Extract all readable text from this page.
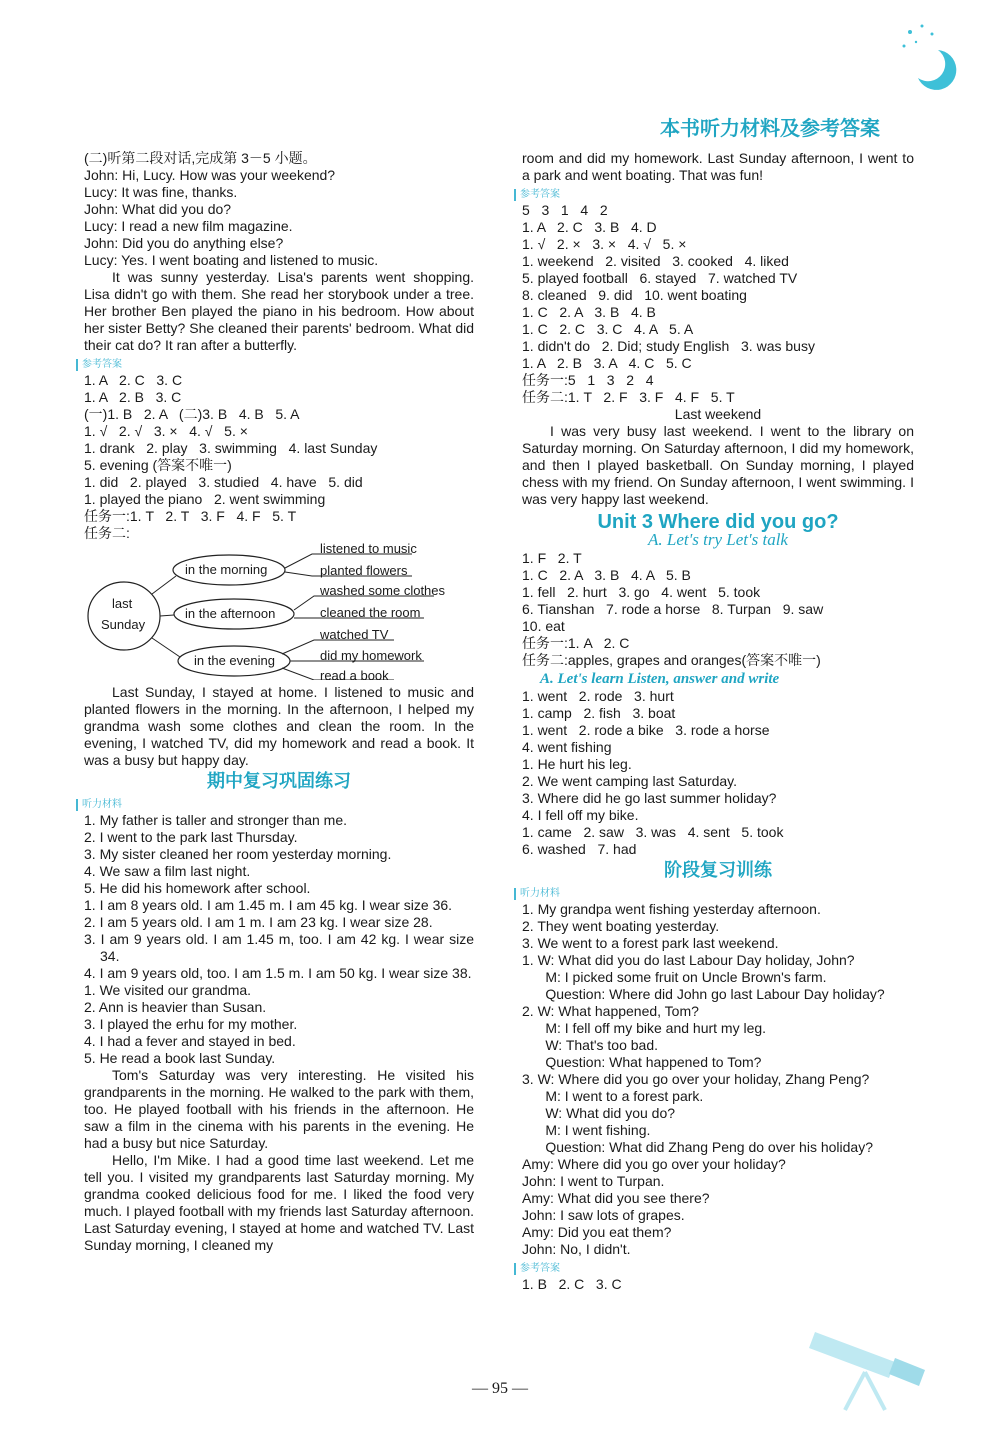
本书听力材料及参考答案
(二)听第二段对话,完成第 3－5 小题。
John: Hi, Lucy. How was your weekend?
Lucy: It was fine, thanks.
John: What did you do?
Lucy: I read a new film magazine.
John: Did you do anything else?
Lucy: Yes. I went boating and listened to music.

It was sunny yesterday. Lisa's parents went shopping. Lisa didn't go with them. She read her storybook under a tree. Her brother Ben played the piano in his bedroom. How about her sister Betty? She cleaned their parents' bedroom. What did their cat do? It ran after a butterfly.

参考答案
1. A   2. C   3. C
1. A   2. B   3. C
(一)1. B   2. A   (二)3. B   4. B   5. A
1. √   2. √   3. ×   4. √   5. ×
1. drank   2. play   3. swimming   4. last Sunday
5. evening (答案不唯一)
1. did   2. played   3. studied   4. have   5. did
1. played the piano   2. went swimming
任务一:1. T   2. T   3. F   4. F   5. T
任务二:
last
Sunday
in the morning
in the afternoon
in the evening
listened to music
planted flowers
washed some clothes
cleaned the room
watched TV
did my homework
read a book

Last Sunday, I stayed at home. I listened to music and planted flowers in the morning. In the afternoon, I helped my grandma wash some clothes and clean the room. In the evening, I watched TV, did my homework and read a book. It was a busy but happy day.

期中复习巩固练习
听力材料
1. My father is taller and stronger than me.
2. I went to the park last Thursday.
3. My sister cleaned her room yesterday morning.
4. We saw a film last night.
5. He did his homework after school.
1. I am 8 years old. I am 1.45 m. I am 45 kg. I wear size 36.
2. I am 5 years old. I am 1 m. I am 23 kg. I wear size 28.
3. I am 9 years old. I am 1.45 m, too. I am 42 kg. I wear size 34.
4. I am 9 years old, too. I am 1.5 m. I am 50 kg. I wear size 38.
1. We visited our grandma.
2. Ann is heavier than Susan.
3. I played the erhu for my mother.
4. I had a fever and stayed in bed.
5. He read a book last Sunday.

Tom's Saturday was very interesting. He visited his grandparents in the morning. He walked to the park with them, too. He played football with his friends in the afternoon. He saw a film in the cinema with his parents in the evening. He had a busy but nice Saturday.

Hello, I'm Mike. I had a good time last weekend. Let me tell you. I visited my grandparents last Saturday morning. My grandma cooked delicious food for me. I liked the food very much. I played football with my friends last Saturday afternoon. Last Saturday evening, I stayed at home and watched TV. Last Sunday morning, I cleaned my

room and did my homework. Last Sunday afternoon, I went to a park and went boating. That was fun!

参考答案
5   3   1   4   2
1. A   2. C   3. B   4. D
1. √   2. ×   3. ×   4. √   5. ×
1. weekend   2. visited   3. cooked   4. liked
5. played football   6. stayed   7. watched TV
8. cleaned   9. did   10. went boating
1. C   2. A   3. B   4. B
1. C   2. C   3. C   4. A   5. A
1. didn't do   2. Did; study English   3. was busy
1. A   2. B   3. A   4. C   5. C
任务一:5   1   3   2   4
任务二:1. T   2. F   3. F   4. F   5. T
Last weekend

I was very busy last weekend. I went to the library on Saturday morning. On Saturday afternoon, I did my homework, and then I played basketball. On Sunday morning, I played chess with my friend. On Sunday afternoon, I went swimming. I was very happy last weekend.

Unit 3 Where did you go?
A. Let's try Let's talk
1. F   2. T
1. C   2. A   3. B   4. A   5. B
1. fell   2. hurt   3. go   4. went   5. took
6. Tianshan   7. rode a horse   8. Turpan   9. saw
10. eat
任务一:1. A   2. C
任务二:apples, grapes and oranges(答案不唯一)
A. Let's learn Listen, answer and write
1. went   2. rode   3. hurt
1. camp   2. fish   3. boat
1. went   2. rode a bike   3. rode a horse
4. went fishing
1. He hurt his leg.
2. We went camping last Saturday.
3. Where did he go last summer holiday?
4. I fell off my bike.
1. came   2. saw   3. was   4. sent   5. took
6. washed   7. had
阶段复习训练
听力材料
1. My grandpa went fishing yesterday afternoon.
2. They went boating yesterday.
3. We went to a forest park last weekend.
1. W: What did you do last Labour Day holiday, John?
M: I picked some fruit on Uncle Brown's farm.
Question: Where did John go last Labour Day holiday?
2. W: What happened, Tom?
M: I fell off my bike and hurt my leg.
W: That's too bad.
Question: What happened to Tom?
3. W: Where did you go over your holiday, Zhang Peng?
M: I went to a forest park.
W: What did you do?
M: I went fishing.
Question: What did Zhang Peng do over his holiday?
Amy: Where did you go over your holiday?
John: I went to Turpan.
Amy: What did you see there?
John: I saw lots of grapes.
Amy: Did you eat them?
John: No, I didn't.
参考答案
1. B   2. C   3. C
— 95 —
